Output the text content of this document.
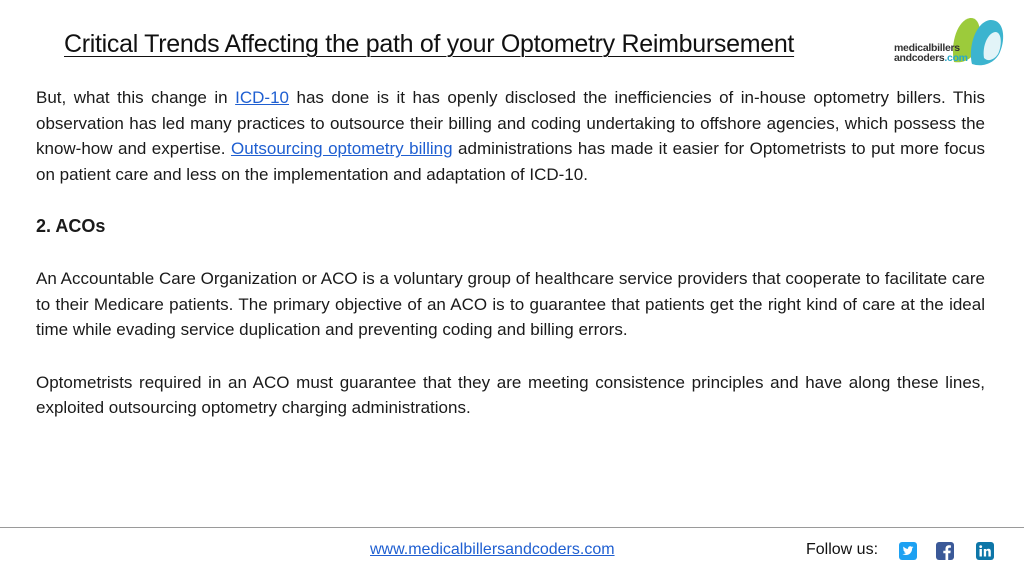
Critical Trends Affecting the path of your Optometry Reimbursement	medicalbillers
andcoders.com

But, what this change in ICD-10 has done is it has openly disclosed the inefficiencies of in-house optometry billers. This observation has led many practices to outsource their billing and coding undertaking to offshore agencies, which possess the know-how and expertise. Outsourcing optometry billing administrations has made it easier for Optometrists to put more focus on patient care and less on the implementation and adaptation of ICD-10.

2. ACOs

An Accountable Care Organization or ACO is a voluntary group of healthcare service providers that cooperate to facilitate care to their Medicare patients. The primary objective of an ACO is to guarantee that patients get the right kind of care at the ideal time while evading service duplication and preventing coding and billing errors.

Optometrists required in an ACO must guarantee that they are meeting consistence principles and have along these lines, exploited outsourcing optometry charging administrations.

www.medicalbillersandcoders.com	Follow us:
